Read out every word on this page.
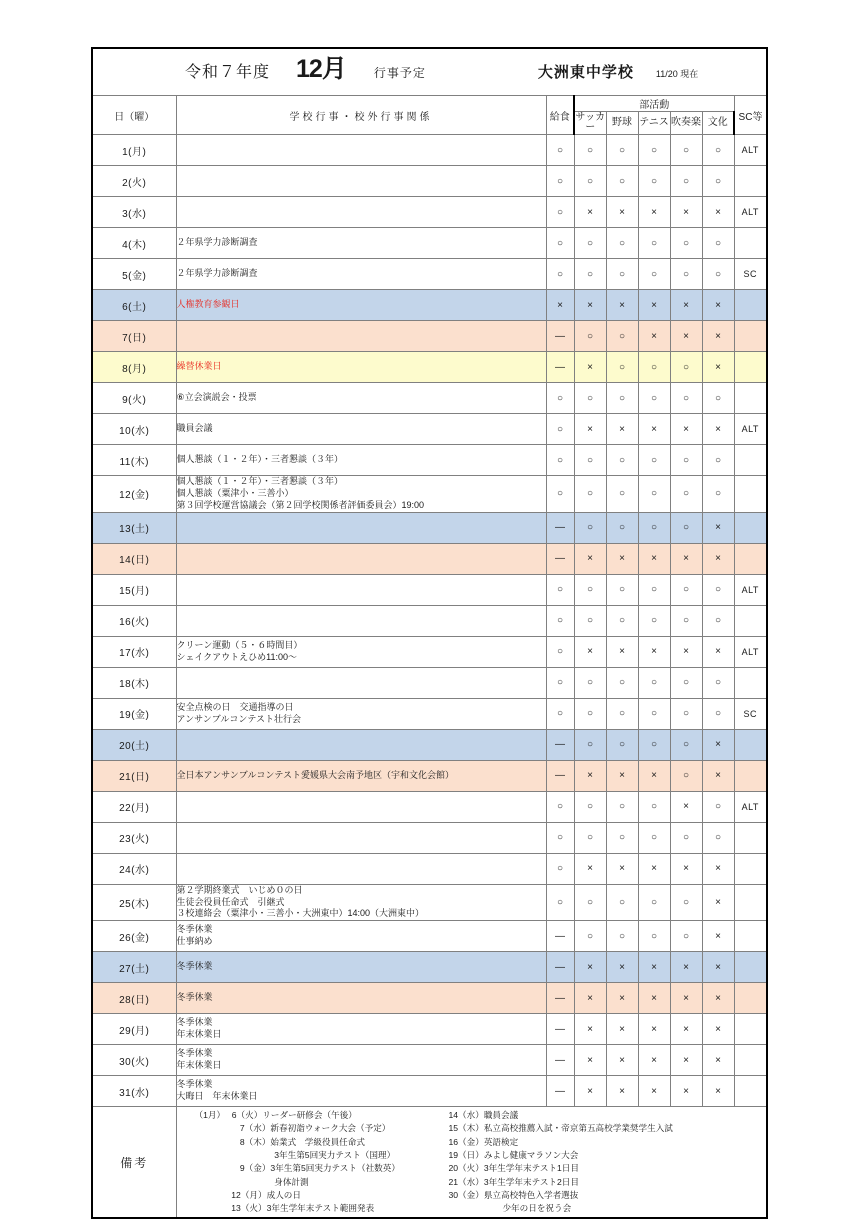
令和７年度 12月 行事予定 大洲東中学校 11/20 現在								

日（曜）	学校行事・校外行事関係	給食	部活動					SC等
			サッカー	野球	テニス	吹奏楽	文化	
1(月)		○	○	○	○	○	○	ALT
2(火)		○	○	○	○	○	○	
3(水)		○	×	×	×	×	×	ALT
4(木)	２年県学力診断調査	○	○	○	○	○	○	
5(金)	２年県学力診断調査	○	○	○	○	○	○	SC
6(土)	人権教育参観日	×	×	×	×	×	×	
7(日)		―	○	○	×	×	×	
8(月)	繰替休業日	―	×	○	○	○	×	
9(火)	⑥立会演説会・投票	○	○	○	○	○	○	
10(水)	職員会議	○	×	×	×	×	×	ALT
11(木)	個人懇談（１・２年）・三者懇談（３年）	○	○	○	○	○	○	
12(金)	個人懇談（１・２年）・三者懇談（３年）
個人懇談（粟津小・三善小）
第３回学校運営協議会（第２回学校関係者評価委員会）19:00	○	○	○	○	○	○	
13(土)		―	○	○	○	○	×	
14(日)		―	×	×	×	×	×	
15(月)		○	○	○	○	○	○	ALT
16(火)		○	○	○	○	○	○	
17(水)	クリーン運動（５・６時間目）
シェイクアウトえひめ11:00〜	○	×	×	×	×	×	ALT
18(木)		○	○	○	○	○	○	
19(金)	安全点検の日　交通指導の日
アンサンブルコンテスト壮行会	○	○	○	○	○	○	SC
20(土)		―	○	○	○	○	×	
21(日)	全日本アンサンブルコンテスト愛媛県大会南予地区（宇和文化会館）	―	×	×	×	○	×	
22(月)		○	○	○	○	×	○	ALT
23(火)		○	○	○	○	○	○	
24(水)		○	×	×	×	×	×	
25(木)	第２学期終業式　いじめ０の日
生徒会役員任命式　引継式
３校連絡会（粟津小・三善小・大洲東中）14:00（大洲東中）	○	○	○	○	○	×	
26(金)	冬季休業
仕事納め	―	○	○	○	○	×	
27(土)	冬季休業	―	×	×	×	×	×	
28(日)	冬季休業	―	×	×	×	×	×	
29(月)	冬季休業
年末休業日	―	×	×	×	×	×	
30(火)	冬季休業
年末休業日	―	×	×	×	×	×	
31(水)	冬季休業
大晦日　年末休業日	―	×	×	×	×	×	
備考	
（1月）　 6（火）リーダー研修会（午後）
　　　　　 7（水）新春初詣ウォーク大会（予定）
　　　　　 8（木）始業式　学級役員任命式
　　　　　　　　　 3年生第5回実力テスト（国理）
　　　　　 9（金）3年生第5回実力テスト（社数英）
　　　　　　　　　 身体計測
　　　　 12（月）成人の日
　　　　 13（火）3年生学年末テスト範囲発表
14（水）職員会議
15（木）私立高校推薦入試・帝京第五高校学業奨学生入試
16（金）英語検定
19（日）みよし健康マラソン大会
20（火）3年生学年末テスト1日目
21（水）3年生学年末テスト2日目
30（金）県立高校特色入学者選抜
　　　　　　 少年の日を祝う会
